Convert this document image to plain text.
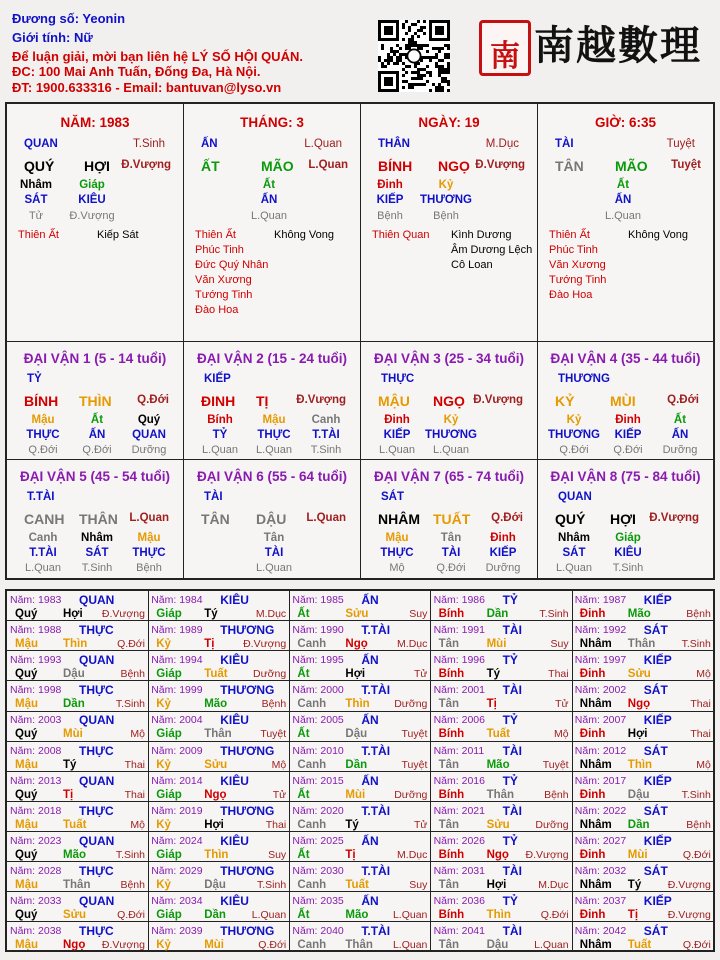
Đương số: Yeonin
Giới tính: Nữ
Để luận giải, mời bạn liên hệ LÝ SỐ HỘI QUÁN.
ĐC: 100 Mai Anh Tuấn, Đống Đa, Hà Nội.
ĐT: 1900.633316 - Email: bantuvan@lyso.vn
南 南越數理
NĂM: 1983
QUAN	T.Sinh
QUÝ HỢI Đ.Vượng
Nhâm
SÁT
Tử
Giáp
KIÊU
Đ.Vượng
Thiên Ất	Kiếp Sát
THÁNG: 3
ẤN	L.Quan
ẤT	MÃO L.Quan
Ất
ẤN
L.Quan
Thiên Ất
Phúc Tinh
Đức Quý Nhân
Văn Xương
Tướng Tinh
Đào Hoa
Không Vong
NGÀY: 19
THÂN	M.Dục
BÍNH NGỌ Đ.Vượng
Đinh
KIẾP
Bệnh
Kỷ
THƯƠNG
Bệnh
Thiên Quan Kình Dương
Âm Dương Lệch
Cô Loan
GIỜ: 6:35
TÀI	Tuyệt
TÂN MÃO Tuyệt
Ất
ẤN
L.Quan
Thiên Ất
Phúc Tinh
Văn Xương
Tướng Tinh
Đào Hoa
Không Vong
ĐẠI VẬN 1 (5 - 14 tuổi)
TỶ
BÍNH THÌN Q.Đới
Mậu
THỰC
Q.Đới
Ất
ẤN
Q.Đới
Quý
QUAN
Dưỡng
ĐẠI VẬN 2 (15 - 24 tuổi)
KIẾP
ĐINH TỊ Đ.Vượng
Bính
TỶ
L.Quan
Mậu
THỰC
L.Quan
Canh
T.TÀI
T.Sinh
ĐẠI VẬN 3 (25 - 34 tuổi)
THỰC
MẬU NGỌ Đ.Vượng
Đinh
KIẾP
L.Quan
Kỷ
THƯƠNG
L.Quan
ĐẠI VẬN 4 (35 - 44 tuổi)
THƯƠNG
KỶ	MÙI	Q.Đới
Kỷ
THƯƠNG
Q.Đới
Đinh
KIẾP
Q.Đới
Ất
ẤN
Dưỡng
ĐẠI VẬN 5 (45 - 54 tuổi)
T.TÀI
CANH THÂN L.Quan
Canh
T.TÀI
L.Quan
Nhâm
SÁT
T.Sinh
Mậu
THỰC
Bệnh
ĐẠI VẬN 6 (55 - 64 tuổi)
TÀI
TÂN DẬU L.Quan
Tân
TÀI
L.Quan
ĐẠI VẬN 7 (65 - 74 tuổi)
SÁT
NHÂM TUẤT Q.Đới
Mậu
THỰC
Mộ
Tân
TÀI
Q.Đới
Đinh
KIẾP
Dưỡng
ĐẠI VẬN 8 (75 - 84 tuổi)
QUAN
QUÝ HỢI Đ.Vượng
Nhâm
SÁT
L.Quan
Giáp
KIÊU
T.Sinh
Năm: 1983 QUAN
Quý Hợi Đ.Vượng
Năm: 1984 KIÊU
Giáp Tý	M.Dục
Năm: 1985 ẤN
Ất	Sửu	Suy
Năm: 1986 TỶ
Bính Dần	T.Sinh
Năm: 1987 KIẾP
Đinh Mão	Bệnh
Năm: 1988 THỰC
Mậu Thìn	Q.Đới
Năm: 1989 THƯƠNG
Kỷ	Tị	Đ.Vượng
Năm: 1990 T.TÀI
Canh Ngọ	M.Dục
Năm: 1991 TÀI
Tân Mùi	Suy
Năm: 1992 SÁT
Nhâm Thân	T.Sinh
Năm: 1993 QUAN
Quý Dậu	Bệnh
Năm: 1994 KIÊU
Giáp Tuất Dưỡng
Năm: 1995 ẤN
Ất	Hợi	Tử
Năm: 1996 TỶ
Bính Tý	Thai
Năm: 1997 KIẾP
Đinh Sửu	Mộ
Năm: 1998 THỰC
Mậu Dần	T.Sinh
Năm: 1999 THƯƠNG
Kỷ	Mão	Bệnh
Năm: 2000 T.TÀI
Canh Thìn Dưỡng
Năm: 2001 TÀI
Tân Tị	Tử
Năm: 2002 SÁT
Nhâm Ngọ	Thai
Năm: 2003 QUAN
Quý Mùi	Mộ
Năm: 2004 KIÊU
Giáp Thân	Tuyệt
Năm: 2005 ẤN
Ất	Dậu	Tuyệt
Năm: 2006 TỶ
Bính Tuất	Mộ
Năm: 2007 KIẾP
Đinh Hợi	Thai
Năm: 2008 THỰC
Mậu Tý	Thai
Năm: 2009 THƯƠNG
Kỷ	Sửu	Mộ
Năm: 2010 T.TÀI
Canh Dần	Tuyệt
Năm: 2011 TÀI
Tân Mão	Tuyệt
Năm: 2012 SÁT
Nhâm Thìn	Mộ
Năm: 2013 QUAN
Quý Tị	Thai
Năm: 2014 KIÊU
Giáp Ngọ	Tử
Năm: 2015 ẤN
Ất	Mùi	Dưỡng
Năm: 2016 TỶ
Bính Thân	Bệnh
Năm: 2017 KIẾP
Đinh Dậu	T.Sinh
Năm: 2018 THỰC
Mậu Tuất	Mộ
Năm: 2019 THƯƠNG
Kỷ	Hợi	Thai
Năm: 2020 T.TÀI
Canh Tý	Tử
Năm: 2021 TÀI
Tân Sửu Dưỡng
Năm: 2022 SÁT
Nhâm Dần	Bệnh
Năm: 2023 QUAN
Quý Mão	T.Sinh
Năm: 2024 KIÊU
Giáp Thìn	Suy
Năm: 2025 ẤN
Ất	Tị	M.Dục
Năm: 2026 TỶ
Bính Ngọ Đ.Vượng
Năm: 2027 KIẾP
Đinh Mùi	Q.Đới
Năm: 2028 THỰC
Mậu Thân	Bệnh
Năm: 2029 THƯƠNG
Kỷ	Dậu	T.Sinh
Năm: 2030 T.TÀI
Canh Tuất	Suy
Năm: 2031 TÀI
Tân Hợi	M.Dục
Năm: 2032 SÁT
Nhâm Tý	Đ.Vượng
Năm: 2033 QUAN
Quý Sửu	Q.Đới
Năm: 2034 KIÊU
Giáp Dần L.Quan
Năm: 2035 ẤN
Ất	Mão L.Quan
Năm: 2036 TỶ
Bính Thìn	Q.Đới
Năm: 2037 KIẾP
Đinh Tị	Đ.Vượng
Năm: 2038 THỰC
Mậu Ngọ Đ.Vượng
Năm: 2039 THƯƠNG
Kỷ	Mùi	Q.Đới
Năm: 2040 T.TÀI
Canh Thân L.Quan
Năm: 2041 TÀI
Tân Dậu L.Quan
Năm: 2042 SÁT
Nhâm Tuất	Q.Đới
